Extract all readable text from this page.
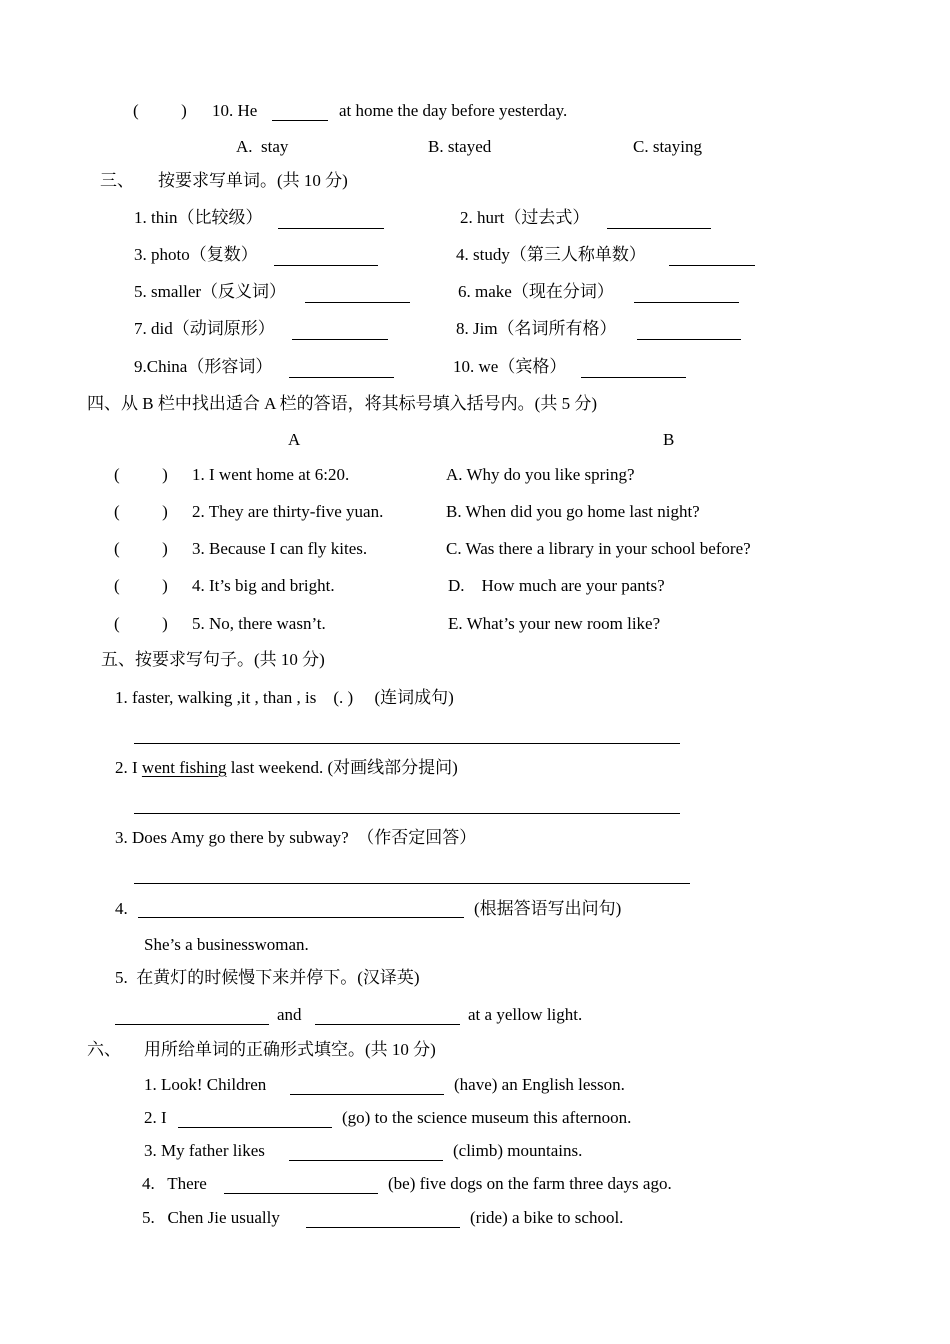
(          ) 10. He	at home the day before yesterday.
A.  stay	B. stayed	C. staying
三、 按要求写单词。(共 10 分)
1. thin（比较级）	2. hurt（过去式）
3. photo（复数）	4. study（第三人称单数）
5. smaller（反义词）	6. make（现在分词）
7. did（动词原形）	8. Jim（名词所有格）
9.China（形容词）	10. we（宾格）
四、从 B 栏中找出适合 A 栏的答语，将其标号填入括号内。(共 5 分)
A	B
(          ) 1. I went home at 6:20.	A. Why do you like spring?
(          ) 2. They are thirty-five yuan.	B. When did you go home last night?
(          ) 3. Because I can fly kites.	C. Was there a library in your school before?
(          ) 4. It’s big and bright.	D.    How much are your pants?
(          ) 5. No, there wasn’t.	E. What’s your new room like?
五、按要求写句子。(共 10 分)
1. faster, walking ,it , than , is    (. )     (连词成句)
2. I went fishing last weekend. (对画线部分提问)
3. Does Amy go there by subway?  （作否定回答）
4.	(根据答语写出问句)
She’s a businesswoman.
5.  在黄灯的时候慢下来并停下。(汉译英)
and	at a yellow light.
六、 用所给单词的正确形式填空。(共 10 分)
1. Look! Children	(have) an English lesson.
2. I	(go) to the science museum this afternoon.
3. My father likes	(climb) mountains.
4.   There	(be) five dogs on the farm three days ago.
5.   Chen Jie usually	(ride) a bike to school.
